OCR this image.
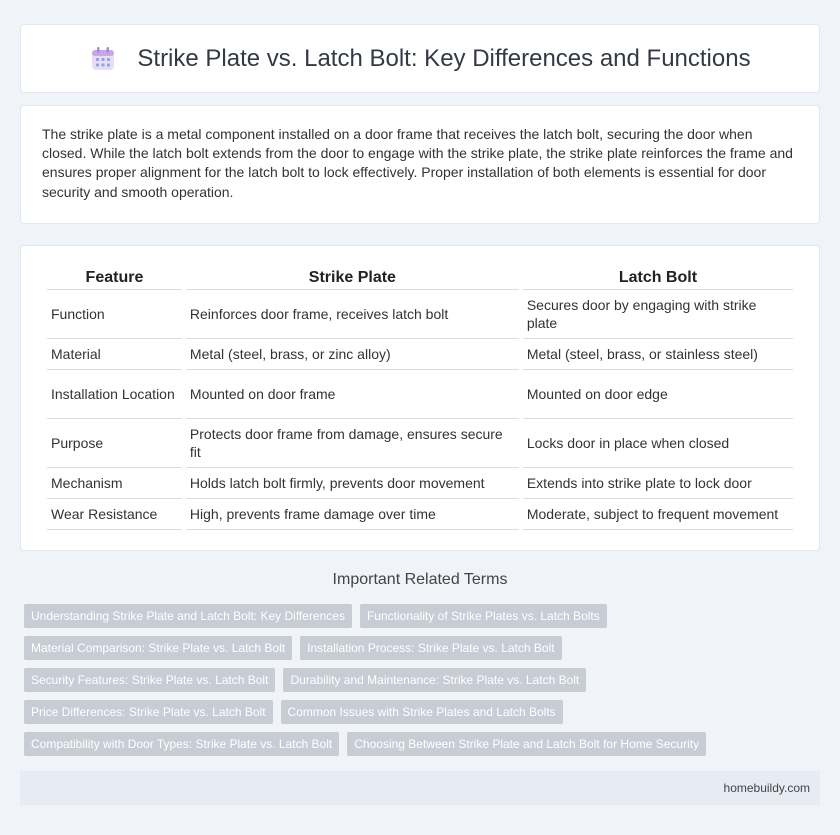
Strike Plate vs. Latch Bolt: Key Differences and Functions

The strike plate is a metal component installed on a door frame that receives the latch bolt, securing the door when closed. While the latch bolt extends from the door to engage with the strike plate, the strike plate reinforces the frame and ensures proper alignment for the latch bolt to lock effectively. Proper installation of both elements is essential for door security and smooth operation.

Feature	Strike Plate	Latch Bolt
Function	Reinforces door frame, receives latch bolt	Secures door by engaging with strike plate
Material	Metal (steel, brass, or zinc alloy)	Metal (steel, brass, or stainless steel)
Installation Location	Mounted on door frame	Mounted on door edge
Purpose	Protects door frame from damage, ensures secure fit	Locks door in place when closed
Mechanism	Holds latch bolt firmly, prevents door movement	Extends into strike plate to lock door
Wear Resistance	High, prevents frame damage over time	Moderate, subject to frequent movement
Important Related Terms
Understanding Strike Plate and Latch Bolt: Key Differences	Functionality of Strike Plates vs. Latch Bolts
Material Comparison: Strike Plate vs. Latch Bolt	Installation Process: Strike Plate vs. Latch Bolt
Security Features: Strike Plate vs. Latch Bolt	Durability and Maintenance: Strike Plate vs. Latch Bolt
Price Differences: Strike Plate vs. Latch Bolt	Common Issues with Strike Plates and Latch Bolts
Compatibility with Door Types: Strike Plate vs. Latch Bolt	Choosing Between Strike Plate and Latch Bolt for Home Security
homebuildy.com
